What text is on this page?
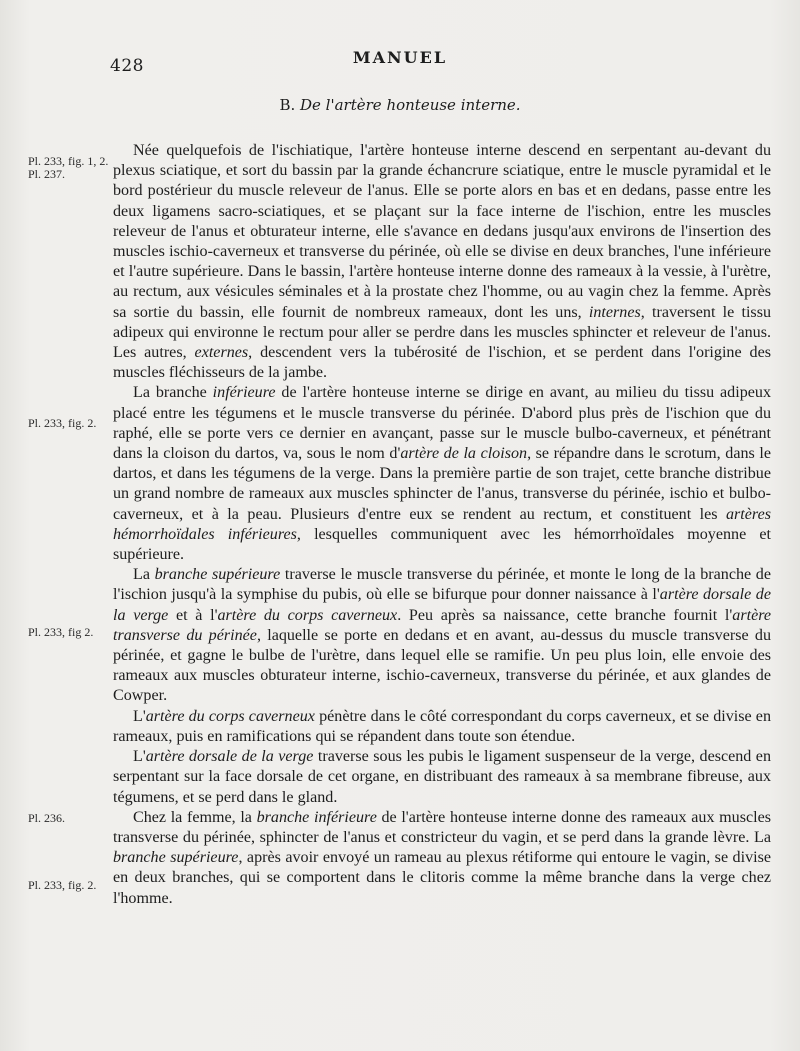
428	MANUEL
B. De l'artère honteuse interne.
Pl. 233, fig. 1, 2.
Pl. 237.
Pl. 233, fig. 2.
Pl. 233, fig 2.
Pl. 236.
Pl. 233, fig. 2.

Née quelquefois de l'ischiatique, l'artère honteuse interne descend en serpentant au-devant du plexus sciatique, et sort du bassin par la grande échancrure sciatique, entre le muscle pyramidal et le bord postérieur du muscle releveur de l'anus. Elle se porte alors en bas et en dedans, passe entre les deux ligamens sacro-sciatiques, et se plaçant sur la face interne de l'ischion, entre les muscles releveur de l'anus et obturateur interne, elle s'avance en dedans jusqu'aux environs de l'insertion des muscles ischio-caverneux et transverse du périnée, où elle se divise en deux branches, l'une inférieure et l'autre supérieure. Dans le bassin, l'artère honteuse interne donne des rameaux à la vessie, à l'urètre, au rectum, aux vésicules séminales et à la prostate chez l'homme, ou au vagin chez la femme. Après sa sortie du bassin, elle fournit de nombreux rameaux, dont les uns, internes, traversent le tissu adipeux qui environne le rectum pour aller se perdre dans les muscles sphincter et releveur de l'anus. Les autres, externes, descendent vers la tubérosité de l'ischion, et se perdent dans l'origine des muscles fléchisseurs de la jambe.

La branche inférieure de l'artère honteuse interne se dirige en avant, au milieu du tissu adipeux placé entre les tégumens et le muscle transverse du périnée. D'abord plus près de l'ischion que du raphé, elle se porte vers ce dernier en avançant, passe sur le muscle bulbo-caverneux, et pénétrant dans la cloison du dartos, va, sous le nom d'artère de la cloison, se répandre dans le scrotum, dans le dartos, et dans les tégumens de la verge. Dans la première partie de son trajet, cette branche distribue un grand nombre de rameaux aux muscles sphincter de l'anus, transverse du périnée, ischio et bulbo-caverneux, et à la peau. Plusieurs d'entre eux se rendent au rectum, et constituent les artères hémorrhoïdales inférieures, lesquelles communiquent avec les hémorrhoïdales moyenne et supérieure.

La branche supérieure traverse le muscle transverse du périnée, et monte le long de la branche de l'ischion jusqu'à la symphise du pubis, où elle se bifurque pour donner naissance à l'artère dorsale de la verge et à l'artère du corps caverneux. Peu après sa naissance, cette branche fournit l'artère transverse du périnée, laquelle se porte en dedans et en avant, au-dessus du muscle transverse du périnée, et gagne le bulbe de l'urètre, dans lequel elle se ramifie. Un peu plus loin, elle envoie des rameaux aux muscles obturateur interne, ischio-caverneux, transverse du périnée, et aux glandes de Cowper.

L'artère du corps caverneux pénètre dans le côté correspondant du corps caverneux, et se divise en rameaux, puis en ramifications qui se répandent dans toute son étendue.

L'artère dorsale de la verge traverse sous les pubis le ligament suspenseur de la verge, descend en serpentant sur la face dorsale de cet organe, en distribuant des rameaux à sa membrane fibreuse, aux tégumens, et se perd dans le gland.

Chez la femme, la branche inférieure de l'artère honteuse interne donne des rameaux aux muscles transverse du périnée, sphincter de l'anus et constricteur du vagin, et se perd dans la grande lèvre. La branche supérieure, après avoir envoyé un rameau au plexus rétiforme qui entoure le vagin, se divise en deux branches, qui se comportent dans le clitoris comme la même branche dans la verge chez l'homme.
